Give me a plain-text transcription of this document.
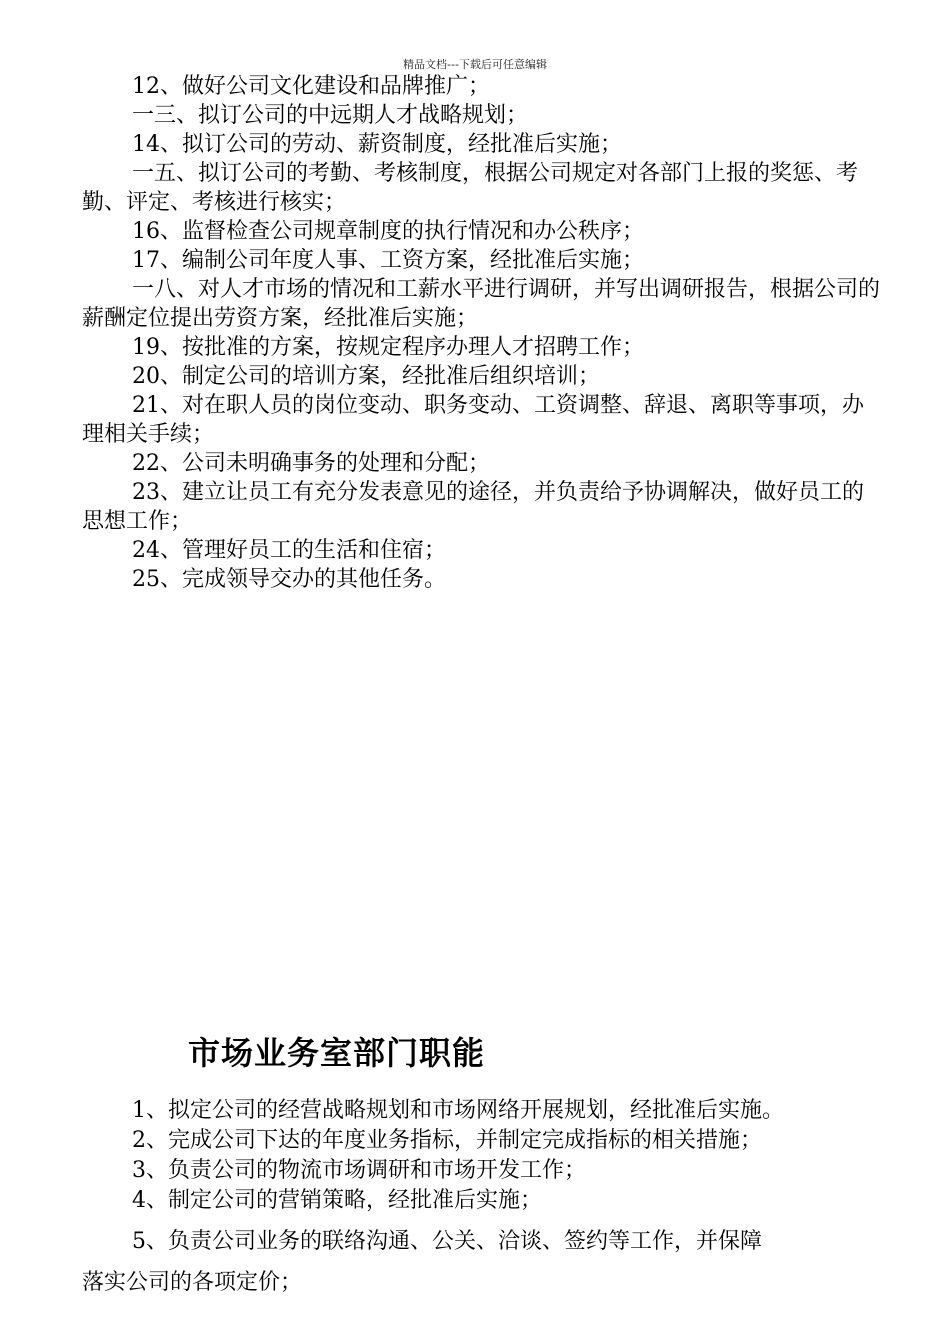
精品文档---下载后可任意编辑

12、做好公司文化建设和品牌推广；

一三、拟订公司的中远期人才战略规划；

14、拟订公司的劳动、薪资制度，经批准后实施；

一五、拟订公司的考勤、考核制度，根据公司规定对各部门上报的奖惩、考勤、评定、考核进行核实；

16、监督检查公司规章制度的执行情况和办公秩序；

17、编制公司年度人事、工资方案，经批准后实施；

一八、对人才市场的情况和工薪水平进行调研，并写出调研报告，根据公司的薪酬定位提出劳资方案，经批准后实施；

19、按批准的方案，按规定程序办理人才招聘工作；

20、制定公司的培训方案，经批准后组织培训；

21、对在职人员的岗位变动、职务变动、工资调整、辞退、离职等事项，办理相关手续；

22、公司未明确事务的处理和分配；

23、建立让员工有充分发表意见的途径，并负责给予协调解决，做好员工的思想工作；

24、管理好员工的生活和住宿；

25、完成领导交办的其他任务。

市场业务室部门职能

1、拟定公司的经营战略规划和市场网络开展规划，经批准后实施。

2、完成公司下达的年度业务指标，并制定完成指标的相关措施；

3、负责公司的物流市场调研和市场开发工作；

4、制定公司的营销策略，经批准后实施；

5、负责公司业务的联络沟通、公关、洽谈、签约等工作，并保障

落实公司的各项定价；
